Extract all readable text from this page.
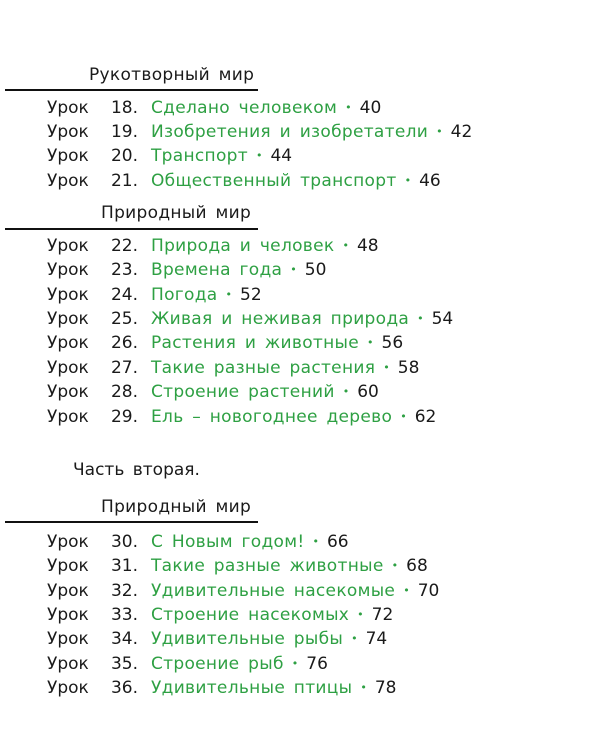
Рукотворный мир
Урок 18. Сделано человеком • 40
Урок 19. Изобретения и изобретатели • 42
Урок 20. Транспорт • 44
Урок 21. Общественный транспорт • 46
Природный мир
Урок 22. Природа и человек • 48
Урок 23. Времена года • 50
Урок 24. Погода • 52
Урок 25. Живая и неживая природа • 54
Урок 26. Растения и животные • 56
Урок 27. Такие разные растения • 58
Урок 28. Строение растений • 60
Урок 29. Ель – новогоднее дерево • 62
Часть вторая.
Природный мир
Урок 30. С Новым годом! • 66
Урок 31. Такие разные животные • 68
Урок 32. Удивительные насекомые • 70
Урок 33. Строение насекомых • 72
Урок 34. Удивительные рыбы • 74
Урок 35. Строение рыб • 76
Урок 36. Удивительные птицы • 78
